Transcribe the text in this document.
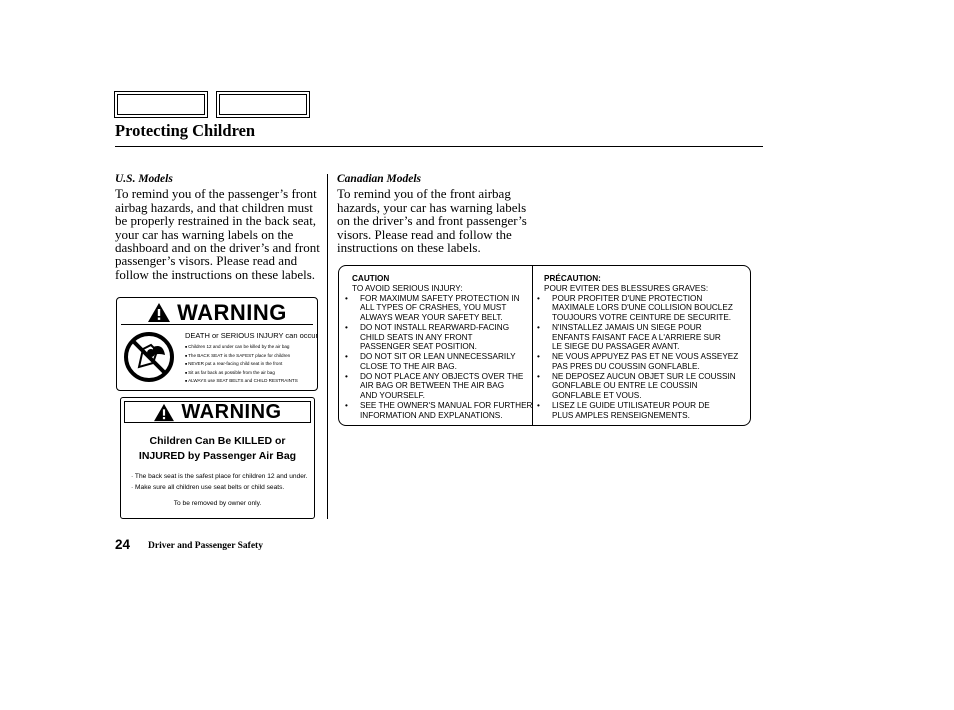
Protecting Children
U.S. Models
To remind you of the passenger’s front airbag hazards, and that children must be properly restrained in the back seat, your car has warning labels on the dashboard and on the driver’s and front passenger’s visors. Please read and follow the instructions on these labels.
Canadian Models
To remind you of the front airbag hazards, your car has warning labels on the driver’s and front passenger’s visors. Please read and follow the instructions on these labels.
WARNING
DEATH or SERIOUS INJURY can occur
■ Children 12 and under can be killed by the air bag
■ The BACK SEAT is the SAFEST place for children
■ NEVER put a rear-facing child seat in the front
■ Sit as far back as possible from the air bag
■ ALWAYS use SEAT BELTS and CHILD RESTRAINTS
WARNING
Children Can Be KILLED or
INJURED by Passenger Air Bag
· The back seat is the safest place for children 12 and under.
· Make sure all children use seat belts or child seats.
To be removed by owner only.
CAUTION
TO AVOID SERIOUS INJURY:
• FOR MAXIMUM SAFETY PROTECTION IN
ALL TYPES OF CRASHES, YOU MUST
ALWAYS WEAR YOUR SAFETY BELT.
• DO NOT INSTALL REARWARD-FACING
CHILD SEATS IN ANY FRONT
PASSENGER SEAT POSITION.
• DO NOT SIT OR LEAN UNNECESSARILY
CLOSE TO THE AIR BAG.
• DO NOT PLACE ANY OBJECTS OVER THE
AIR BAG OR BETWEEN THE AIR BAG
AND YOURSELF.
• SEE THE OWNER'S MANUAL FOR FURTHER
INFORMATION AND EXPLANATIONS.
PRÉCAUTION:
POUR EVITER DES BLESSURES GRAVES:
• POUR PROFITER D'UNE PROTECTION
MAXIMALE LORS D'UNE COLLISION BOUCLEZ
TOUJOURS VOTRE CEINTURE DE SECURITE.
• N'INSTALLEZ JAMAIS UN SIEGE POUR
ENFANTS FAISANT FACE A L'ARRIERE SUR
LE SIEGE DU PASSAGER AVANT.
• NE VOUS APPUYEZ PAS ET NE VOUS ASSEYEZ
PAS PRES DU COUSSIN GONFLABLE.
• NE DEPOSEZ AUCUN OBJET SUR LE COUSSIN
GONFLABLE OU ENTRE LE COUSSIN
GONFLABLE ET VOUS.
• LISEZ LE GUIDE UTILISATEUR POUR DE
PLUS AMPLES RENSEIGNEMENTS.
24 Driver and Passenger Safety
